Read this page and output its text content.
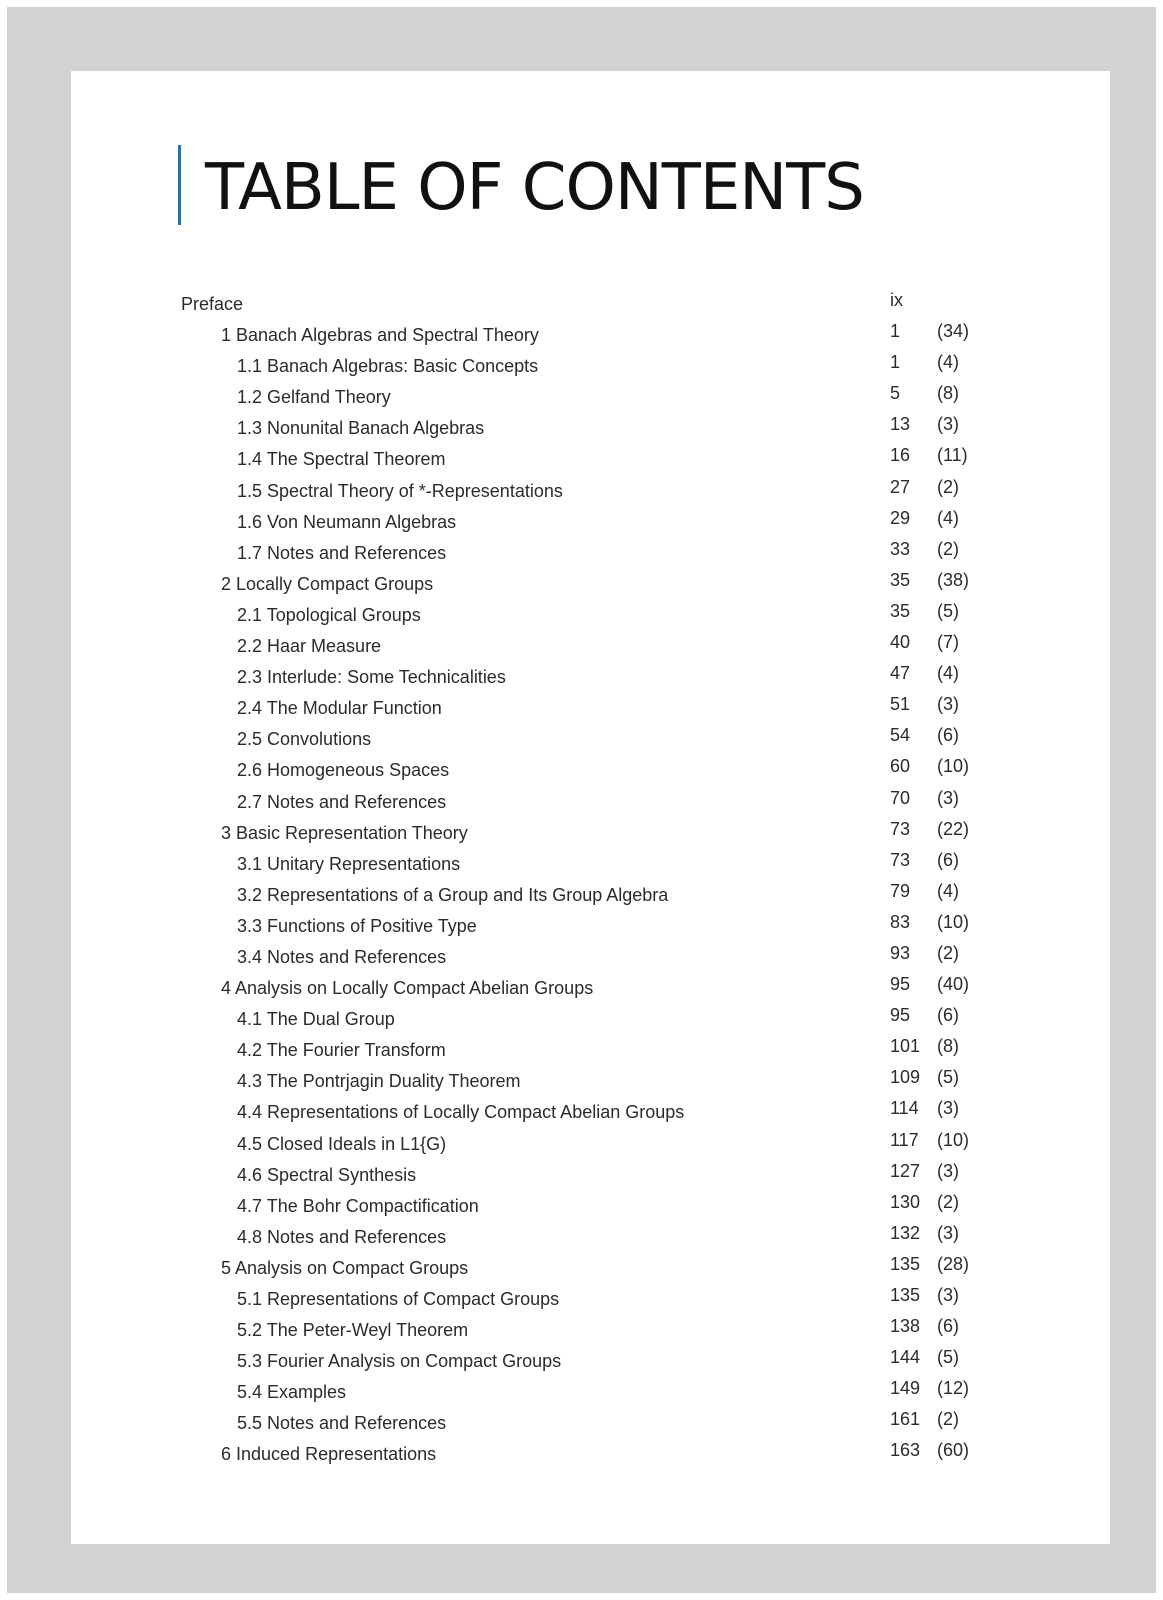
TABLE OF CONTENTS
Preface	ix
1 Banach Algebras and Spectral Theory	1 (34)
1.1 Banach Algebras: Basic Concepts	1 (4)
1.2 Gelfand Theory	5 (8)
1.3 Nonunital Banach Algebras	13 (3)
1.4 The Spectral Theorem	16 (11)
1.5 Spectral Theory of *-Representations	27 (2)
1.6 Von Neumann Algebras	29 (4)
1.7 Notes and References	33 (2)
2 Locally Compact Groups	35 (38)
2.1 Topological Groups	35 (5)
2.2 Haar Measure	40 (7)
2.3 Interlude: Some Technicalities	47 (4)
2.4 The Modular Function	51 (3)
2.5 Convolutions	54 (6)
2.6 Homogeneous Spaces	60 (10)
2.7 Notes and References	70 (3)
3 Basic Representation Theory	73 (22)
3.1 Unitary Representations	73 (6)
3.2 Representations of a Group and Its Group Algebra	79 (4)
3.3 Functions of Positive Type	83 (10)
3.4 Notes and References	93 (2)
4 Analysis on Locally Compact Abelian Groups	95 (40)
4.1 The Dual Group	95 (6)
4.2 The Fourier Transform	101 (8)
4.3 The Pontrjagin Duality Theorem	109 (5)
4.4 Representations of Locally Compact Abelian Groups	114 (3)
4.5 Closed Ideals in L1{G)	117 (10)
4.6 Spectral Synthesis	127 (3)
4.7 The Bohr Compactification	130 (2)
4.8 Notes and References	132 (3)
5 Analysis on Compact Groups	135 (28)
5.1 Representations of Compact Groups	135 (3)
5.2 The Peter-Weyl Theorem	138 (6)
5.3 Fourier Analysis on Compact Groups	144 (5)
5.4 Examples	149 (12)
5.5 Notes and References	161 (2)
6 Induced Representations	163 (60)
